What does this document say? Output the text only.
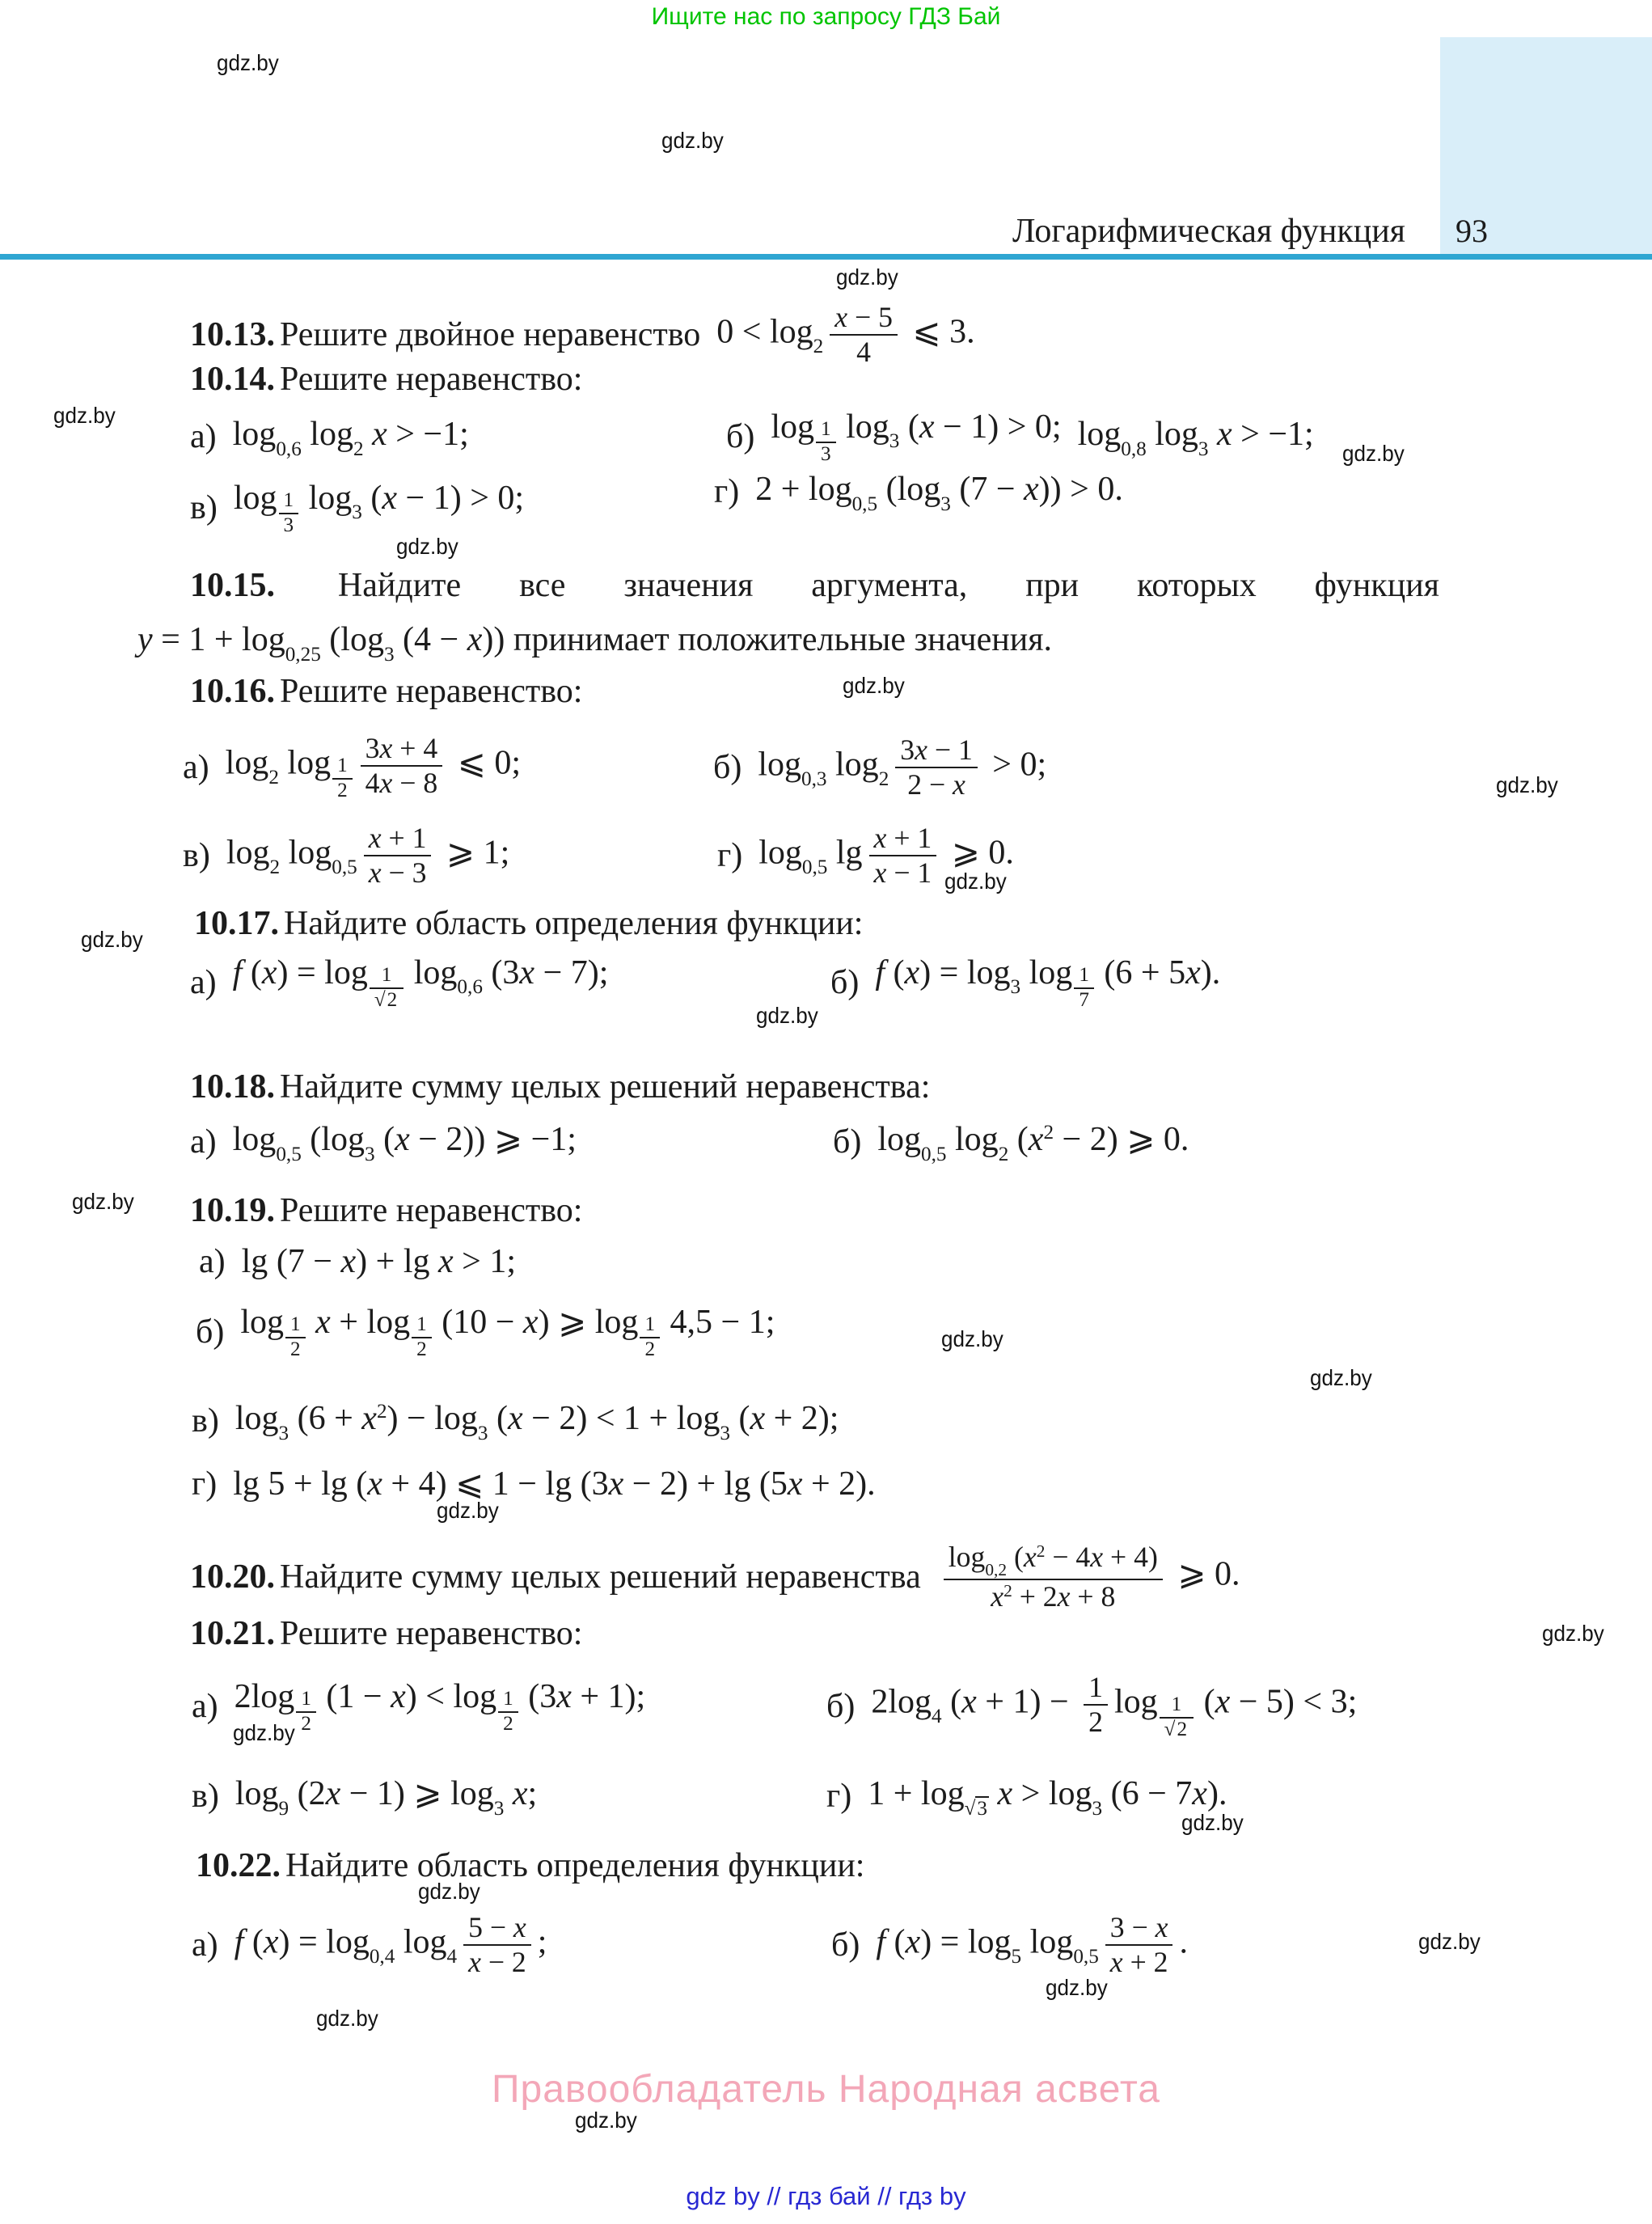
Ищите нас по запросу ГДЗ Бай
gdz.by
gdz.by
gdz.by
gdz.by
gdz.by
gdz.by
gdz.by
gdz.by
gdz.by
gdz.by
gdz.by
gdz.by
gdz.by
gdz.by
gdz.by
gdz.by
gdz.by
gdz.by
gdz.by
gdz.by
gdz.by
gdz.by
gdz.by
Логарифмическая функция 93
10.13. Решите двойное неравенство $0 < \log 2 \frac{x - 5}{4}$ ⩽ 3.
10.14. Решите неравенство:
а) log0,6 log2 x > −1;	б) $\log \frac{1}{3} \log 3$ (x − 1) > 0; log0,8 log3 x > −1;
в) $\log \frac{1}{3} \log 3$ (x − 1) > 0;	г) 2 + log0,5 (log3 (7 − x)) > 0.
10.15. Найдите все значения аргумента, при которых функция
y = 1 + log0,25 (log3 (4 − x)) принимает положительные значения.
10.16. Решите неравенство:
а) log2 $\log \frac{1}{2} \frac{3x + 4}{4x - 8}$ ⩽ 0;	б) log0,3 $\log 2 \frac{3x - 1}{2 - x} > 0$;
в) log2 $\log 0,5 \frac{x + 1}{x - 3}$ ⩾ 1;	г) log0,5 $\lg \frac{x + 1}{x - 1}$ ⩾ 0.
10.17. Найдите область определения функции:
а) f $(x) = \log \frac{1}{√2} \log 0,6$ (3x − 7);	б) f (x) = log3 $\log \frac{1}{7} (6 + 5x)$.
10.18. Найдите сумму целых решений неравенства:
а) log0,5 (log3 (x − 2)) ⩾ −1;	б) log0,5 log2 (x2 − 2) ⩾ 0.
10.19. Решите неравенство:
а) lg (7 − x) + lg x > 1;
б) $\log \frac{1}{2}$ $x + \log \frac{1}{2} (10 - x)$ ⩾ $\log \frac{1}{2} 4,5 - 1$;
в) log3 (6 + x2) − log3 (x − 2) < 1 + log3 (x + 2);
г) lg 5 + lg (x + 4) ⩽ 1 − lg (3x − 2) + lg (5x + 2).
10.20. Найдите сумму целых решений неравенства $\frac{\log 0,2 (x2 - 4x + 4)}{x2 + 2x + 8}$ ⩾ 0.
10.21. Решите неравенство:
а) $2\log \frac{1}{2} (1 - x) < \log \frac{1}{2} (3x + 1)$;	б) 2log4 $(x + 1) - \frac{1}{2}$ $\log \frac{1}{√2} (x - 5) < 3$;
в) log9 (2x − 1) ⩾ log3 x;	г) 1 + log√3 x > log3 (6 − 7x).
10.22. Найдите область определения функции:
а) f (x) = log0,4 $\log 4 \frac{5 - x}{x - 2}$ ;	б) f (x) = log5 $\log 0,5 \frac{3 - x}{x + 2}$ .
Правообладатель Народная асвета
gdz by // гдз бай // гдз by
